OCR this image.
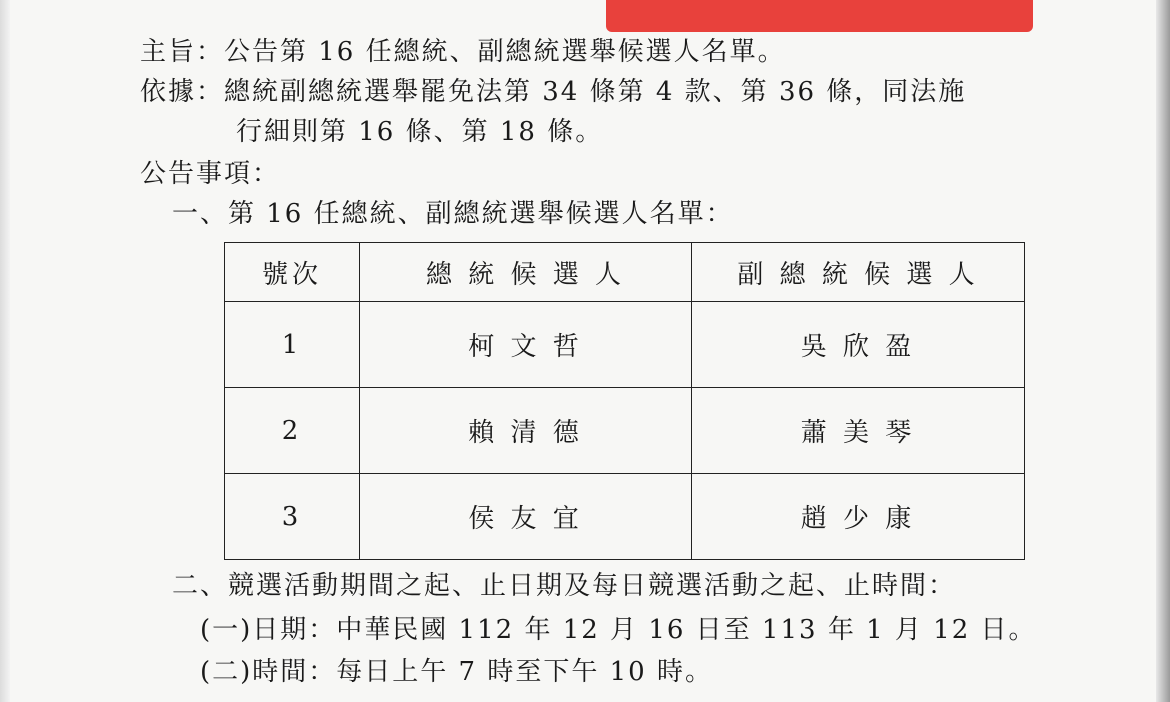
主旨：公告第 16 任總統、副總統選舉候選人名單。
依據：總統副總統選舉罷免法第 34 條第 4 款、第 36 條，同法施
行細則第 16 條、第 18 條。
公告事項：
一、第 16 任總統、副總統選舉候選人名單：
號次	總 統 候 選 人	副 總 統 候 選 人
1	柯 文 哲	吳 欣 盈
2	賴 清 德	蕭 美 琴
3	侯 友 宜	趙 少 康
二、競選活動期間之起、止日期及每日競選活動之起、止時間：
(一)日期：中華民國 112 年 12 月 16 日至 113 年 1 月 12 日。
(二)時間：每日上午 7 時至下午 10 時。
